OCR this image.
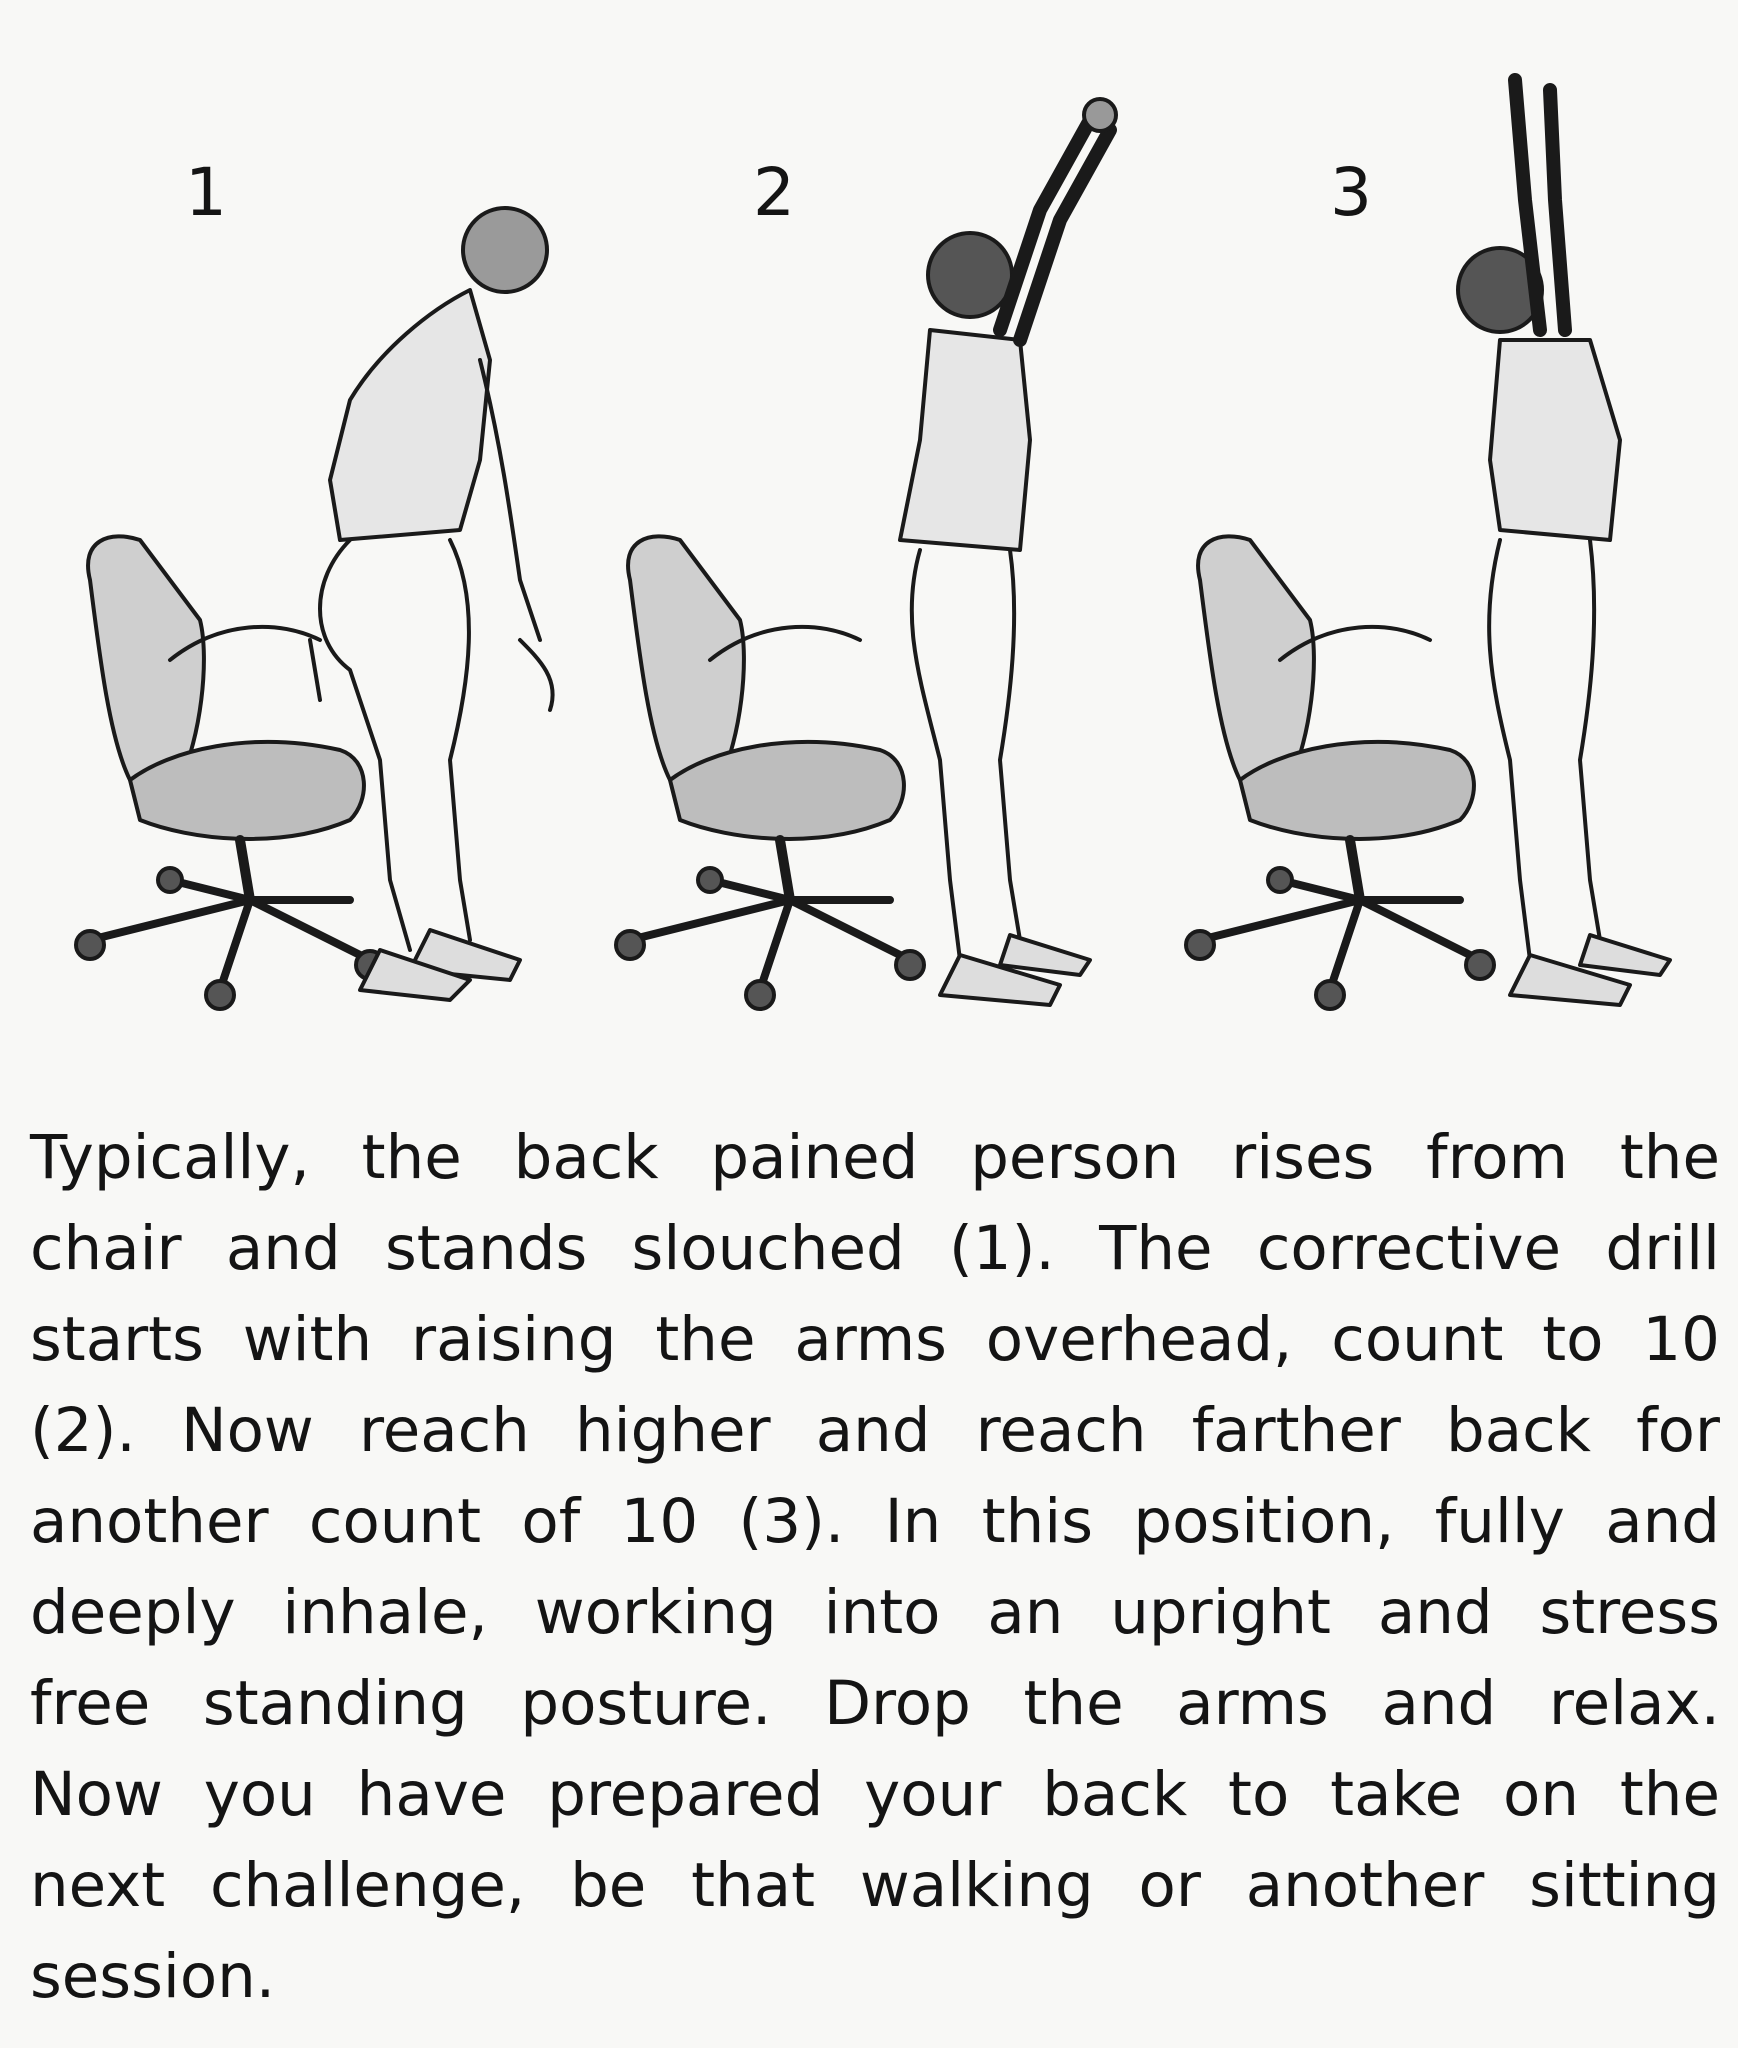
1	2	3
Typically, the back pained person rises from the
chair and stands slouched (1). The corrective drill
starts with raising the arms overhead, count to 10
(2). Now reach higher and reach farther back for
another count of 10 (3). In this position, fully and
deeply inhale, working into an upright and stress
free standing posture. Drop the arms and relax.
Now you have prepared your back to take on the
next challenge, be that walking or another sitting
session.
